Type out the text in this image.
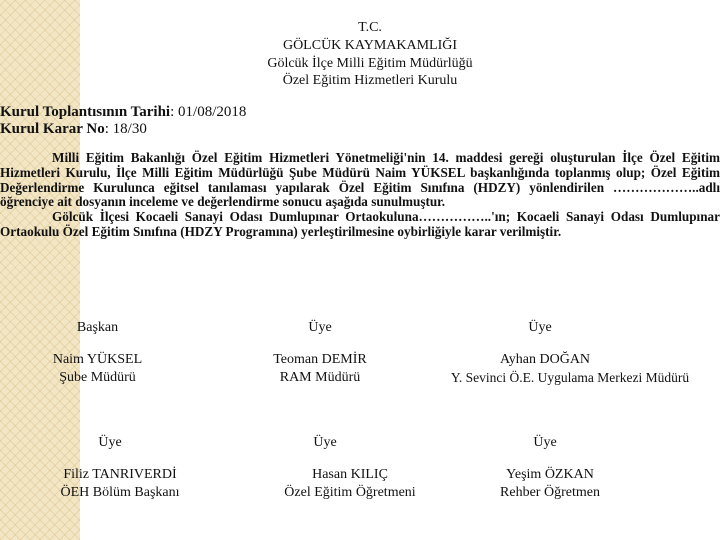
T.C.
GÖLCÜK KAYMAKAMLIĞI
Gölcük İlçe Milli Eğitim Müdürlüğü
Özel Eğitim Hizmetleri Kurulu
Kurul Toplantısının Tarihi: 01/08/2018
Kurul Karar No: 18/30

Milli Eğitim Bakanlığı Özel Eğitim Hizmetleri Yönetmeliği'nin 14. maddesi gereği oluşturulan İlçe Özel Eğitim Hizmetleri Kurulu, İlçe Milli Eğitim Müdürlüğü Şube Müdürü Naim YÜKSEL başkanlığında toplanmış olup; Özel Eğitim Değerlendirme Kurulunca eğitsel tanılaması yapılarak Özel Eğitim Sınıfına (HDZY) yönlendirilen ………………..adlı öğrenciye ait dosyanın inceleme ve değerlendirme sonucu aşağıda sunulmuştur.

Gölcük İlçesi Kocaeli Sanayi Odası Dumlupınar Ortaokuluna……………..'ın; Kocaeli Sanayi Odası Dumlupınar Ortaokulu Özel Eğitim Sınıfına (HDZY Programına) yerleştirilmesine oybirliğiyle karar verilmiştir.

Başkan
Naim YÜKSEL
Şube Müdürü
Üye
Teoman DEMİR
RAM Müdürü
Üye
Ayhan DOĞAN
Y. Sevinci Ö.E. Uygulama Merkezi Müdürü
Üye
Filiz TANRIVERDİ
ÖEH Bölüm Başkanı
Üye
Hasan KILIÇ
Özel Eğitim Öğretmeni
Üye
Yeşim ÖZKAN
Rehber Öğretmen
